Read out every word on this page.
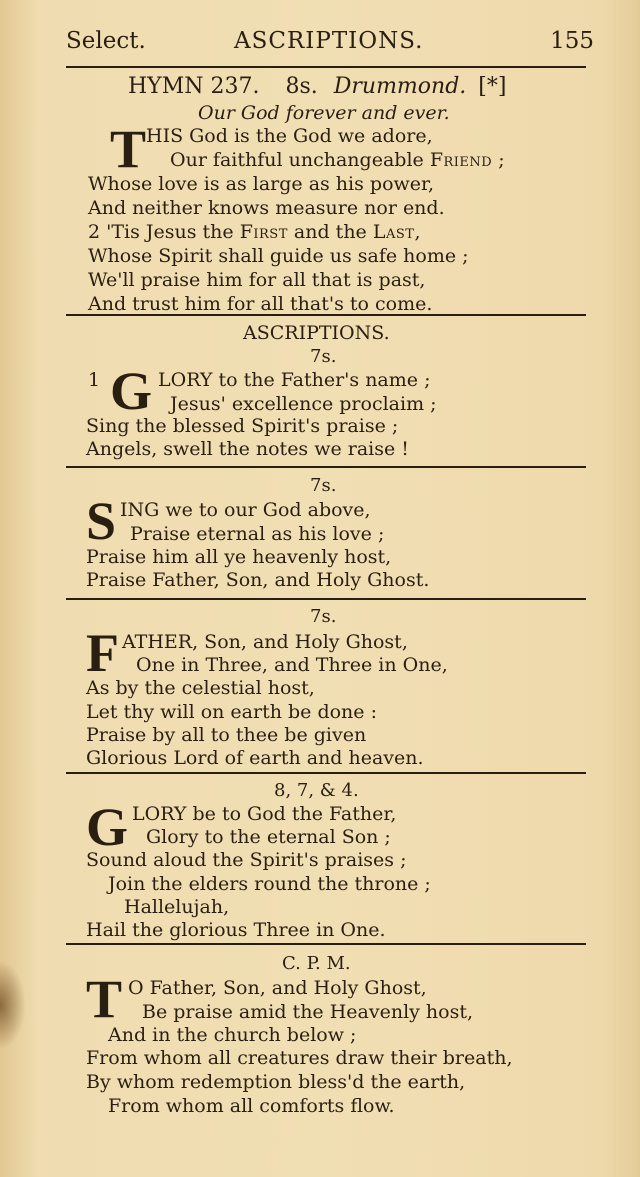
Select.	ASCRIPTIONS.	155
HYMN 237. 8s. Drummond. [*]
Our God forever and ever.
T HIS God is the God we adore,
Our faithful unchangeable Friend ;
Whose love is as large as his power,
And neither knows measure nor end.
2 'Tis Jesus the First and the Last,
Whose Spirit shall guide us safe home ;
We'll praise him for all that is past,
And trust him for all that's to come.
ASCRIPTIONS.
7s.
1 G LORY to the Father's name ;
Jesus' excellence proclaim ;
Sing the blessed Spirit's praise ;
Angels, swell the notes we raise !
7s.
S ING we to our God above,
Praise eternal as his love ;
Praise him all ye heavenly host,
Praise Father, Son, and Holy Ghost.
7s.
F ATHER, Son, and Holy Ghost,
One in Three, and Three in One,
As by the celestial host,
Let thy will on earth be done :
Praise by all to thee be given
Glorious Lord of earth and heaven.
8, 7, & 4.
G LORY be to God the Father,
Glory to the eternal Son ;
Sound aloud the Spirit's praises ;
Join the elders round the throne ;
Hallelujah,
Hail the glorious Three in One.
C. P. M.
T O Father, Son, and Holy Ghost,
Be praise amid the Heavenly host,
And in the church below ;
From whom all creatures draw their breath,
By whom redemption bless'd the earth,
From whom all comforts flow.
